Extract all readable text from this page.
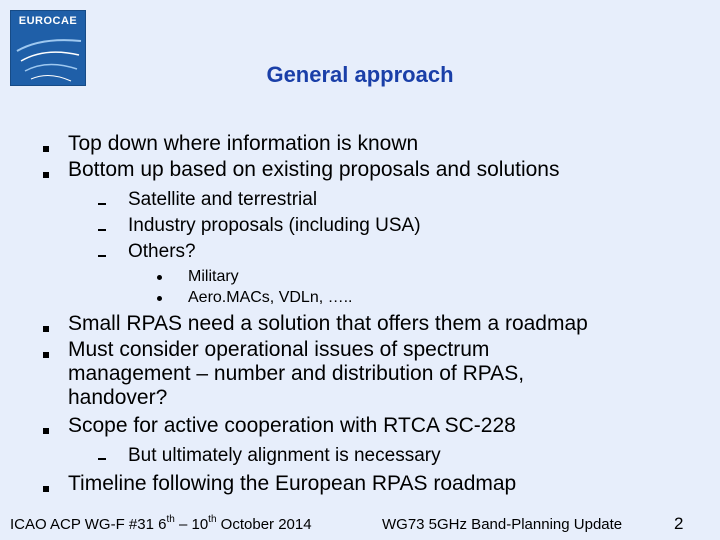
EUROCAE
General approach
Top down where information is known
Bottom up based on existing proposals and solutions
Satellite and terrestrial
Industry proposals (including USA)
Others?
Military
Aero.MACs, VDLn, …..
Small RPAS need a solution that offers them a roadmap
Must consider operational issues of spectrum
management – number and distribution of RPAS,
handover?
Scope for active cooperation with RTCA SC-228
But ultimately alignment is necessary
Timeline following the European RPAS roadmap
ICAO ACP WG-F #31 6th – 10th October 2014	WG73 5GHz Band-Planning Update	2
